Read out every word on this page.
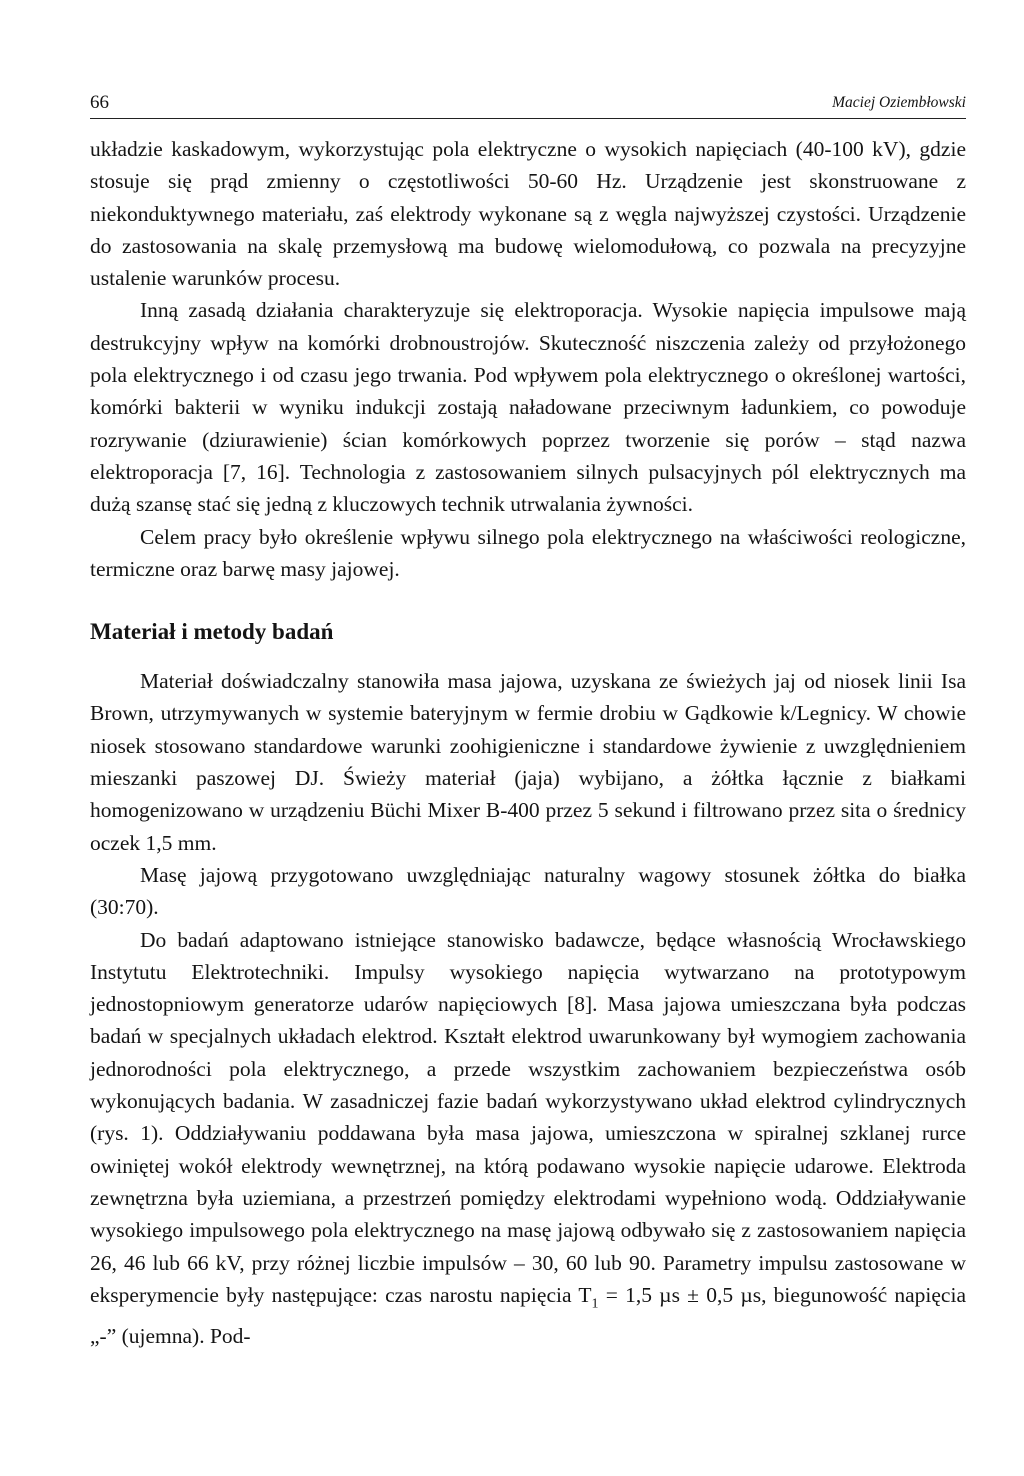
66	Maciej Oziembłowski

układzie kaskadowym, wykorzystując pola elektryczne o wysokich napięciach (40-100 kV), gdzie stosuje się prąd zmienny o częstotliwości 50-60 Hz. Urządzenie jest skonstruowane z niekonduktywnego materiału, zaś elektrody wykonane są z węgla najwyższej czystości. Urządzenie do zastosowania na skalę przemysłową ma budowę wielomodułową, co pozwala na precyzyjne ustalenie warunków procesu.

Inną zasadą działania charakteryzuje się elektroporacja. Wysokie napięcia impulsowe mają destrukcyjny wpływ na komórki drobnoustrojów. Skuteczność niszczenia zależy od przyłożonego pola elektrycznego i od czasu jego trwania. Pod wpływem pola elektrycznego o określonej wartości, komórki bakterii w wyniku indukcji zostają naładowane przeciwnym ładunkiem, co powoduje rozrywanie (dziurawienie) ścian komórkowych poprzez tworzenie się porów – stąd nazwa elektroporacja [7, 16]. Technologia z zastosowaniem silnych pulsacyjnych pól elektrycznych ma dużą szansę stać się jedną z kluczowych technik utrwalania żywności.

Celem pracy było określenie wpływu silnego pola elektrycznego na właściwości reologiczne, termiczne oraz barwę masy jajowej.

Materiał i metody badań

Materiał doświadczalny stanowiła masa jajowa, uzyskana ze świeżych jaj od niosek linii Isa Brown, utrzymywanych w systemie bateryjnym w fermie drobiu w Gądkowie k/Legnicy. W chowie niosek stosowano standardowe warunki zoohigieniczne i standardowe żywienie z uwzględnieniem mieszanki paszowej DJ. Świeży materiał (jaja) wybijano, a żółtka łącznie z białkami homogenizowano w urządzeniu Büchi Mixer B-400 przez 5 sekund i filtrowano przez sita o średnicy oczek 1,5 mm.

Masę jajową przygotowano uwzględniając naturalny wagowy stosunek żółtka do białka (30:70).

Do badań adaptowano istniejące stanowisko badawcze, będące własnością Wrocławskiego Instytutu Elektrotechniki. Impulsy wysokiego napięcia wytwarzano na prototypowym jednostopniowym generatorze udarów napięciowych [8]. Masa jajowa umieszczana była podczas badań w specjalnych układach elektrod. Kształt elektrod uwarunkowany był wymogiem zachowania jednorodności pola elektrycznego, a przede wszystkim zachowaniem bezpieczeństwa osób wykonujących badania. W zasadniczej fazie badań wykorzystywano układ elektrod cylindrycznych (rys. 1). Oddziaływaniu poddawana była masa jajowa, umieszczona w spiralnej szklanej rurce owiniętej wokół elektrody wewnętrznej, na którą podawano wysokie napięcie udarowe. Elektroda zewnętrzna była uziemiana, a przestrzeń pomiędzy elektrodami wypełniono wodą. Oddziaływanie wysokiego impulsowego pola elektrycznego na masę jajową odbywało się z zastosowaniem napięcia 26, 46 lub 66 kV, przy różnej liczbie impulsów – 30, 60 lub 90. Parametry impulsu zastosowane w eksperymencie były następujące: czas narostu napięcia $T_1 = 1,5$ µs ± 0,5 µs, biegunowość napięcia „-” (ujemna). Pod-
